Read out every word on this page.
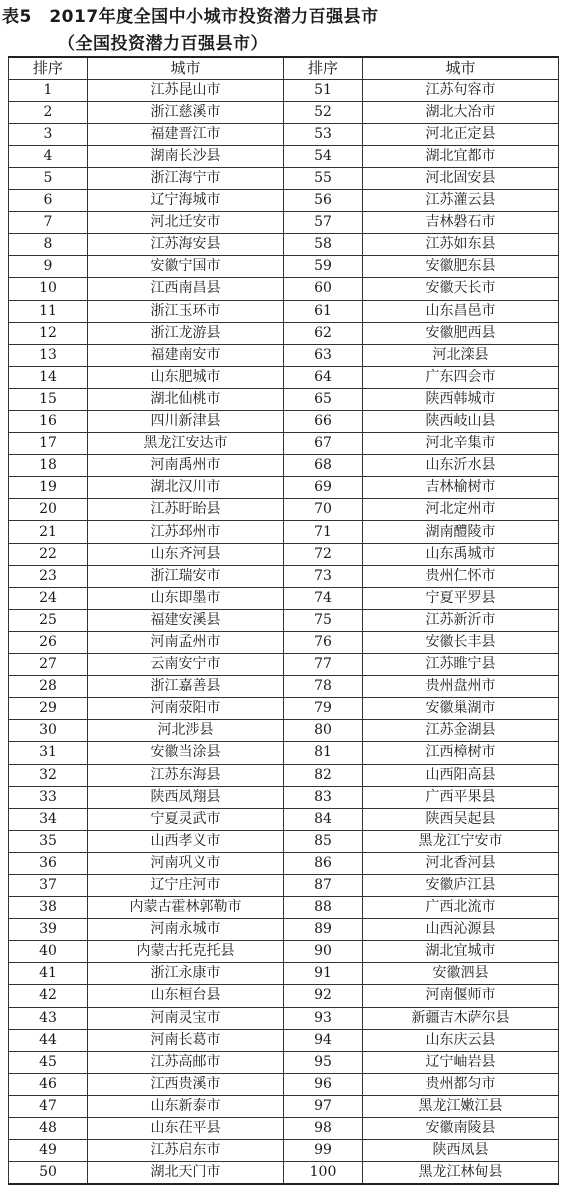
表5　2017年度全国中小城市投资潜力百强县市
（全国投资潜力百强县市）
排序	城市	排序	城市
1	江苏昆山市	51	江苏句容市
2	浙江慈溪市	52	湖北大冶市
3	福建晋江市	53	河北正定县
4	湖南长沙县	54	湖北宜都市
5	浙江海宁市	55	河北固安县
6	辽宁海城市	56	江苏灌云县
7	河北迁安市	57	吉林磐石市
8	江苏海安县	58	江苏如东县
9	安徽宁国市	59	安徽肥东县
10	江西南昌县	60	安徽天长市
11	浙江玉环市	61	山东昌邑市
12	浙江龙游县	62	安徽肥西县
13	福建南安市	63	河北滦县
14	山东肥城市	64	广东四会市
15	湖北仙桃市	65	陕西韩城市
16	四川新津县	66	陕西岐山县
17	黑龙江安达市	67	河北辛集市
18	河南禹州市	68	山东沂水县
19	湖北汉川市	69	吉林榆树市
20	江苏盱眙县	70	河北定州市
21	江苏邳州市	71	湖南醴陵市
22	山东齐河县	72	山东禹城市
23	浙江瑞安市	73	贵州仁怀市
24	山东即墨市	74	宁夏平罗县
25	福建安溪县	75	江苏新沂市
26	河南孟州市	76	安徽长丰县
27	云南安宁市	77	江苏睢宁县
28	浙江嘉善县	78	贵州盘州市
29	河南荥阳市	79	安徽巢湖市
30	河北涉县	80	江苏金湖县
31	安徽当涂县	81	江西樟树市
32	江苏东海县	82	山西阳高县
33	陕西凤翔县	83	广西平果县
34	宁夏灵武市	84	陕西吴起县
35	山西孝义市	85	黑龙江宁安市
36	河南巩义市	86	河北香河县
37	辽宁庄河市	87	安徽庐江县
38	内蒙古霍林郭勒市	88	广西北流市
39	河南永城市	89	山西沁源县
40	内蒙古托克托县	90	湖北宜城市
41	浙江永康市	91	安徽泗县
42	山东桓台县	92	河南偃师市
43	河南灵宝市	93	新疆吉木萨尔县
44	河南长葛市	94	山东庆云县
45	江苏高邮市	95	辽宁岫岩县
46	江西贵溪市	96	贵州都匀市
47	山东新泰市	97	黑龙江嫩江县
48	山东茌平县	98	安徽南陵县
49	江苏启东市	99	陕西凤县
50	湖北天门市	100	黑龙江林甸县
